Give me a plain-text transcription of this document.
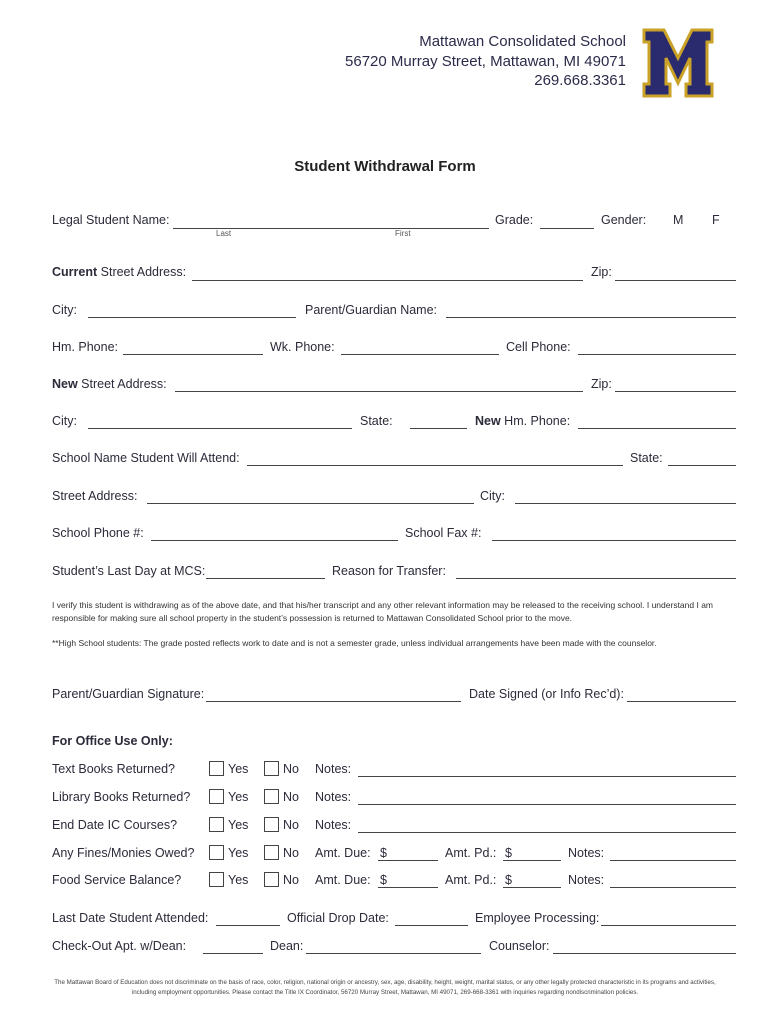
Mattawan Consolidated School
56720 Murray Street, Mattawan, MI 49071
269.668.3361
Student Withdrawal Form
Legal Student Name:
Last	First
Grade:	Gender: M F
Current Street Address:	Zip:
City:	Parent/Guardian Name:
Hm. Phone:	Wk. Phone:	Cell Phone:
New Street Address:	Zip:
City:	State:	New Hm. Phone:
School Name Student Will Attend:	State:
Street Address:	City:
School Phone #:	School Fax #:
Student’s Last Day at MCS:	Reason for Transfer:
I verify this student is withdrawing as of the above date, and that his/her transcript and any other relevant information may be released to the receiving school. I understand I am responsible for making sure all school property in the student’s possession is returned to Mattawan Consolidated School prior to the move.
**High School students: The grade posted reflects work to date and is not a semester grade, unless individual arrangements have been made with the counselor.
Parent/Guardian Signature:	Date Signed (or Info Rec’d):
For Office Use Only:
Text Books Returned?	Yes	No Notes:
Library Books Returned?	Yes	No Notes:
End Date IC Courses?	Yes	No Notes:
Any Fines/Monies Owed?	Yes	No Amt. Due: $	Amt. Pd.: $	Notes:
Food Service Balance?	Yes	No Amt. Due: $	Amt. Pd.: $	Notes:
Last Date Student Attended:	Official Drop Date:	Employee Processing:
Check-Out Apt. w/Dean:	Dean:	Counselor:
The Mattawan Board of Education does not discriminate on the basis of race, color, religion, national origin or ancestry, sex, age, disability, height, weight, marital status, or any other legally protected characteristic in its programs and activities,
including employment opportunities. Please contact the Title IX Coordinator, 56720 Murray Street, Mattawan, MI 49071, 269-668-3361 with inquiries regarding nondiscrimination policies.
